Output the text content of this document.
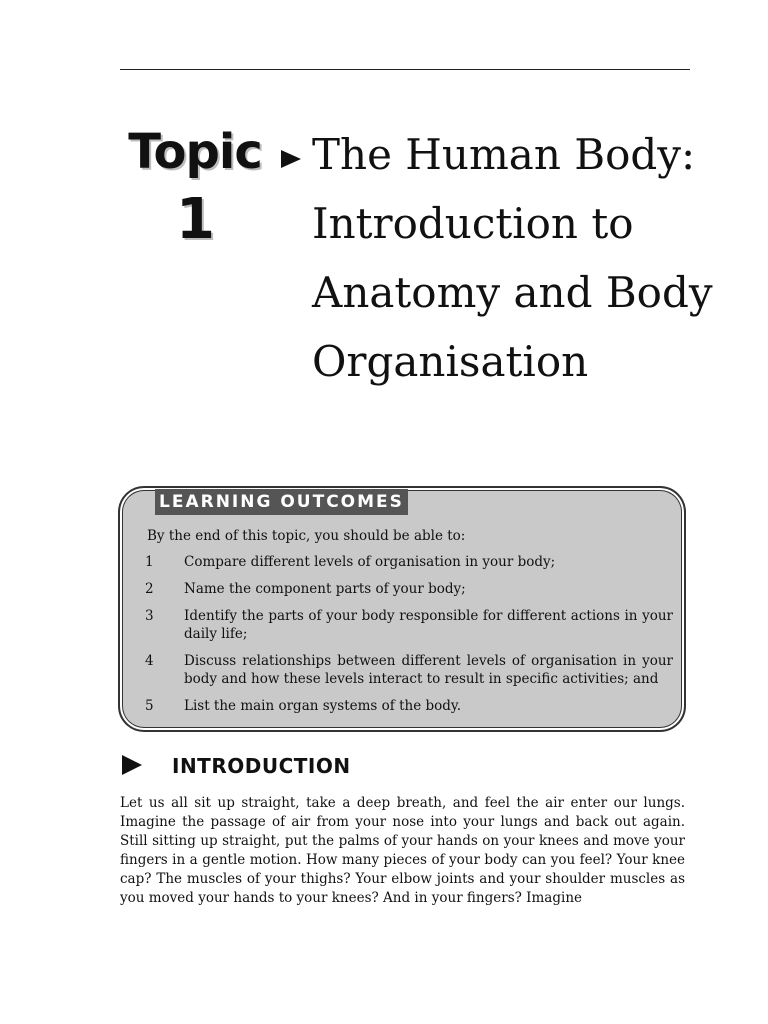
Topic
1
The Human Body: Introduction to Anatomy and Body Organisation
LEARNING OUTCOMES
By the end of this topic, you should be able to:
1	Compare different levels of organisation in your body;
2	Name the component parts of your body;
3	Identify the parts of your body responsible for different actions in your daily life;
4	Discuss relationships between different levels of organisation in your body and how these levels interact to result in specific activities; and
5	List the main organ systems of the body.
INTRODUCTION

Let us all sit up straight, take a deep breath, and feel the air enter our lungs. Imagine the passage of air from your nose into your lungs and back out again. Still sitting up straight, put the palms of your hands on your knees and move your fingers in a gentle motion. How many pieces of your body can you feel? Your knee cap? The muscles of your thighs? Your elbow joints and your shoulder muscles as you moved your hands to your knees? And in your fingers? Imagine
